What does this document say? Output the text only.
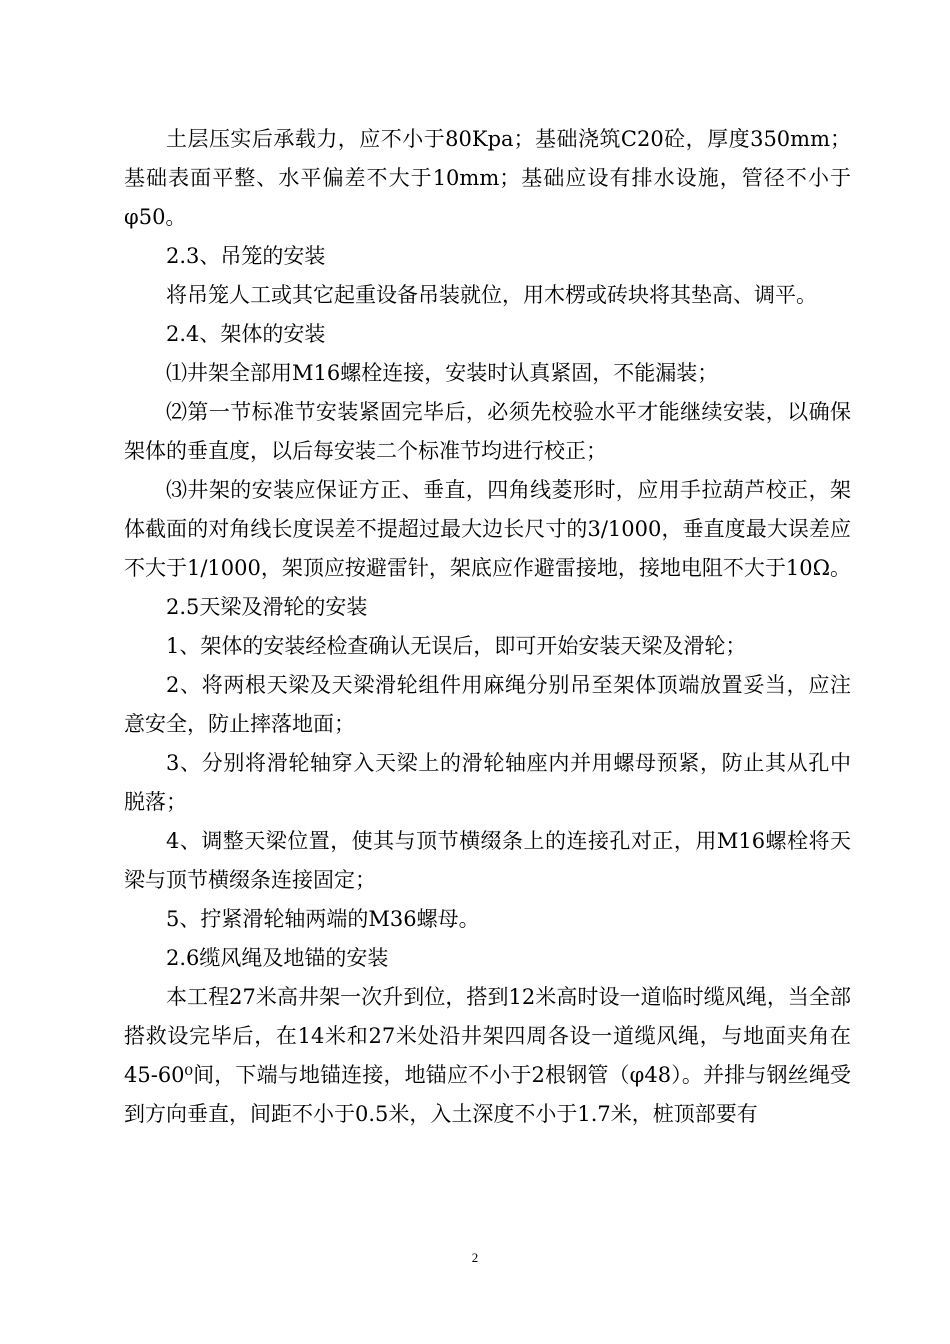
土层压实后承载力，应不小于80Kpa；基础浇筑C20砼，厚度350mm；基础表面平整、水平偏差不大于10mm；基础应设有排水设施，管径不小于φ50。

2.3、吊笼的安装

将吊笼人工或其它起重设备吊装就位，用木楞或砖块将其垫高、调平。

2.4、架体的安装

⑴井架全部用M16螺栓连接，安装时认真紧固，不能漏装；

⑵第一节标准节安装紧固完毕后，必须先校验水平才能继续安装，以确保架体的垂直度，以后每安装二个标准节均进行校正；

⑶井架的安装应保证方正、垂直，四角线菱形时，应用手拉葫芦校正，架体截面的对角线长度误差不提超过最大边长尺寸的3/1000，垂直度最大误差应不大于1/1000，架顶应按避雷针，架底应作避雷接地，接地电阻不大于10Ω。

2.5天梁及滑轮的安装

1、架体的安装经检查确认无误后，即可开始安装天梁及滑轮；

2、将两根天梁及天梁滑轮组件用麻绳分别吊至架体顶端放置妥当，应注意安全，防止摔落地面；

3、分别将滑轮轴穿入天梁上的滑轮轴座内并用螺母预紧，防止其从孔中脱落；

4、调整天梁位置，使其与顶节横缀条上的连接孔对正，用M16螺栓将天梁与顶节横缀条连接固定；

5、拧紧滑轮轴两端的M36螺母。

2.6缆风绳及地锚的安装

本工程27米高井架一次升到位，搭到12米高时设一道临时缆风绳，当全部搭救设完毕后，在14米和27米处沿井架四周各设一道缆风绳，与地面夹角在45-60⁰间，下端与地锚连接，地锚应不小于2根钢管（φ48）。并排与钢丝绳受到方向垂直，间距不小于0.5米，入土深度不小于1.7米，桩顶部要有

2
